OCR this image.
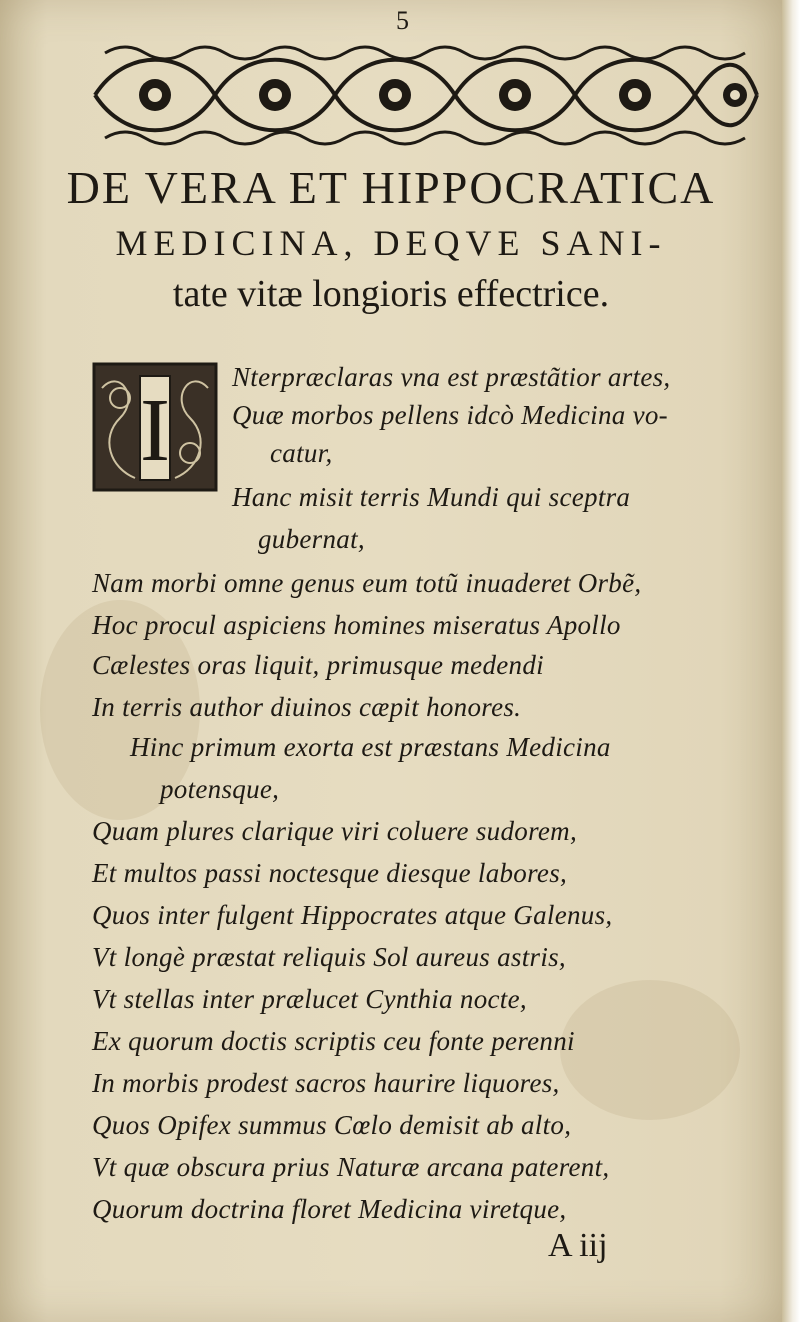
5
DE VERA ET HIPPOCRATICA
MEDICINA, DEQVE SANI-
tate vitæ longioris effectrice.
I
Nterpræclaras vna est præstãtior artes,
Quæ morbos pellens idcò Medicina vo-
catur,
Hanc misit terris Mundi qui sceptra
gubernat,
Nam morbi omne genus eum totũ inuaderet Orbẽ,
Hoc procul aspiciens homines miseratus Apollo
Cælestes oras liquit, primusque medendi
In terris author diuinos cæpit honores.
Hinc primum exorta est præstans Medicina
potensque,
Quam plures clarique viri coluere sudorem,
Et multos passi noctesque diesque labores,
Quos inter fulgent Hippocrates atque Galenus,
Vt longè præstat reliquis Sol aureus astris,
Vt stellas inter prælucet Cynthia nocte,
Ex quorum doctis scriptis ceu fonte perenni
In morbis prodest sacros haurire liquores,
Quos Opifex summus Cœlo demisit ab alto,
Vt quæ obscura prius Naturæ arcana paterent,
Quorum doctrina floret Medicina viretque,
A iij
